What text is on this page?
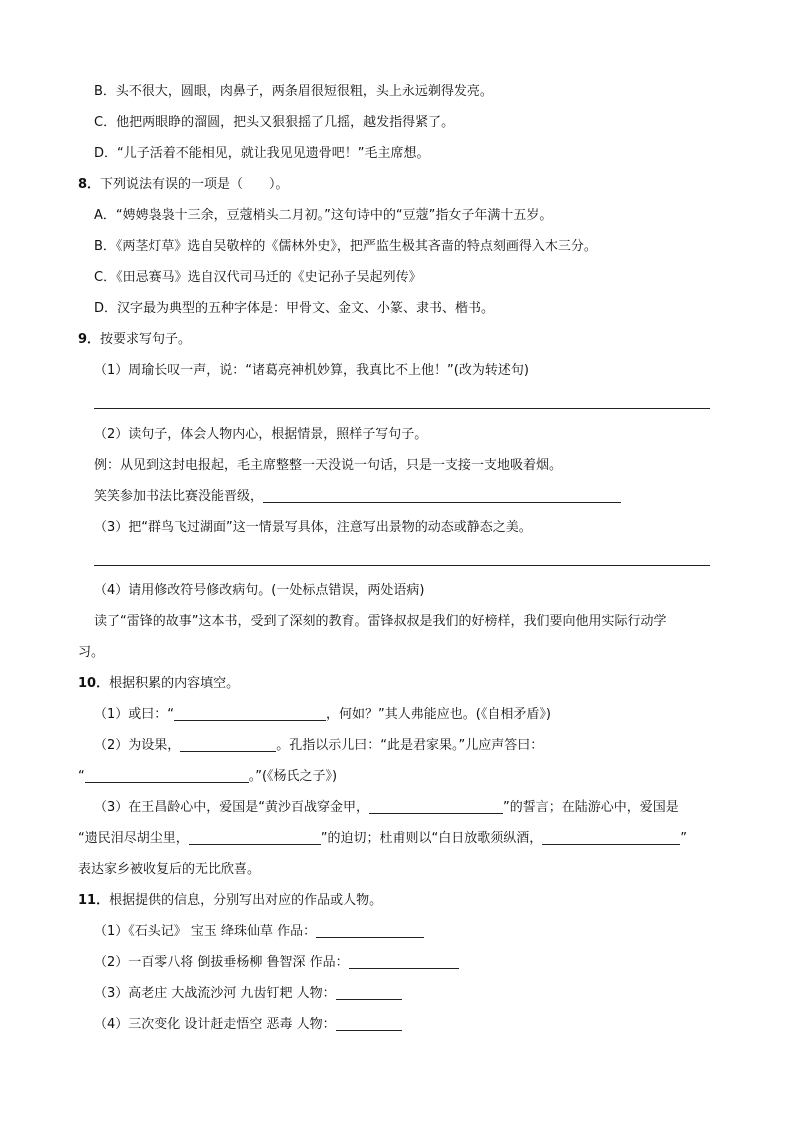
B．头不很大，圆眼，肉鼻子，两条眉很短很粗，头上永远剃得发亮。
C．他把两眼睁的溜圆，把头又狠狠摇了几摇，越发指得紧了。
D．“儿子活着不能相见，就让我见见遗骨吧！”毛主席想。
8．下列说法有误的一项是（　　）。
A．“娉娉袅袅十三余，豆蔻梢头二月初。”这句诗中的“豆蔻”指女子年满十五岁。
B．《两茎灯草》选自吴敬梓的《儒林外史》，把严监生极其吝啬的特点刻画得入木三分。
C．《田忌赛马》选自汉代司马迁的《史记孙子吴起列传》
D．汉字最为典型的五种字体是：甲骨文、金文、小篆、隶书、楷书。
9．按要求写句子。
（1）周瑜长叹一声，说：“诸葛亮神机妙算，我真比不上他！”(改为转述句)
（2）读句子，体会人物内心，根据情景，照样子写句子。
例：从见到这封电报起，毛主席整整一天没说一句话，只是一支接一支地吸着烟。
笑笑参加书法比赛没能晋级，
（3）把“群鸟飞过湖面”这一情景写具体，注意写出景物的动态或静态之美。
（4）请用修改符号修改病句。(一处标点错误，两处语病)
读了“雷锋的故事”这本书，受到了深刻的教育。雷锋叔叔是我们的好榜样，我们要向他用实际行动学
习。
10．根据积累的内容填空。
（1）或曰：“	，何如？”其人弗能应也。(《自相矛盾》)
（2）为设果，	。孔指以示儿曰：“此是君家果。”儿应声答曰：
“	。”(《杨氏之子》)
（3）在王昌龄心中，爱国是“黄沙百战穿金甲，	”的誓言；在陆游心中，爱国是
“遗民泪尽胡尘里，	”的迫切；杜甫则以“白日放歌须纵酒，	”
表达家乡被收复后的无比欣喜。
11．根据提供的信息，分别写出对应的作品或人物。
（1）《石头记》 宝玉 绛珠仙草 作品：
（2）一百零八将 倒拔垂杨柳 鲁智深 作品：
（3）高老庄 大战流沙河 九齿钉耙 人物：
（4）三次变化 设计赶走悟空 恶毒 人物：
